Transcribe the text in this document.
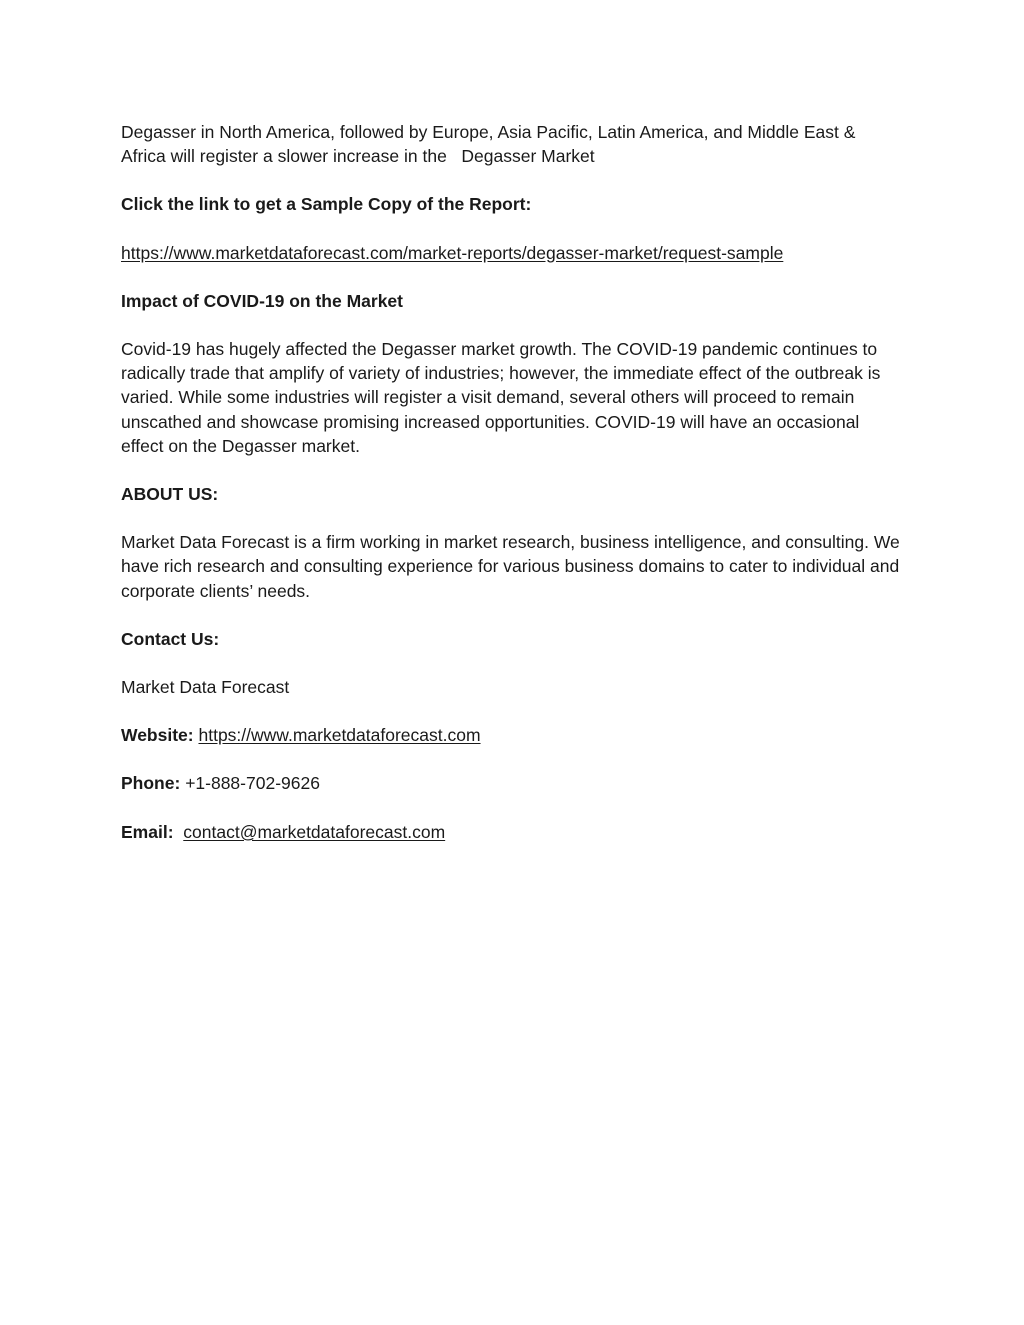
Degasser in North America, followed by Europe, Asia Pacific, Latin America, and Middle East & Africa will register a slower increase in the   Degasser Market

Click the link to get a Sample Copy of the Report:

https://www.marketdataforecast.com/market-reports/degasser-market/request-sample

Impact of COVID-19 on the Market

Covid-19 has hugely affected the Degasser market growth. The COVID-19 pandemic continues to radically trade that amplify of variety of industries; however, the immediate effect of the outbreak is varied. While some industries will register a visit demand, several others will proceed to remain unscathed and showcase promising increased opportunities. COVID-19 will have an occasional effect on the Degasser market.

ABOUT US:

Market Data Forecast is a firm working in market research, business intelligence, and consulting. We have rich research and consulting experience for various business domains to cater to individual and corporate clients’ needs.

Contact Us:

Market Data Forecast

Website: https://www.marketdataforecast.com

Phone: +1-888-702-9626

Email: contact@marketdataforecast.com
